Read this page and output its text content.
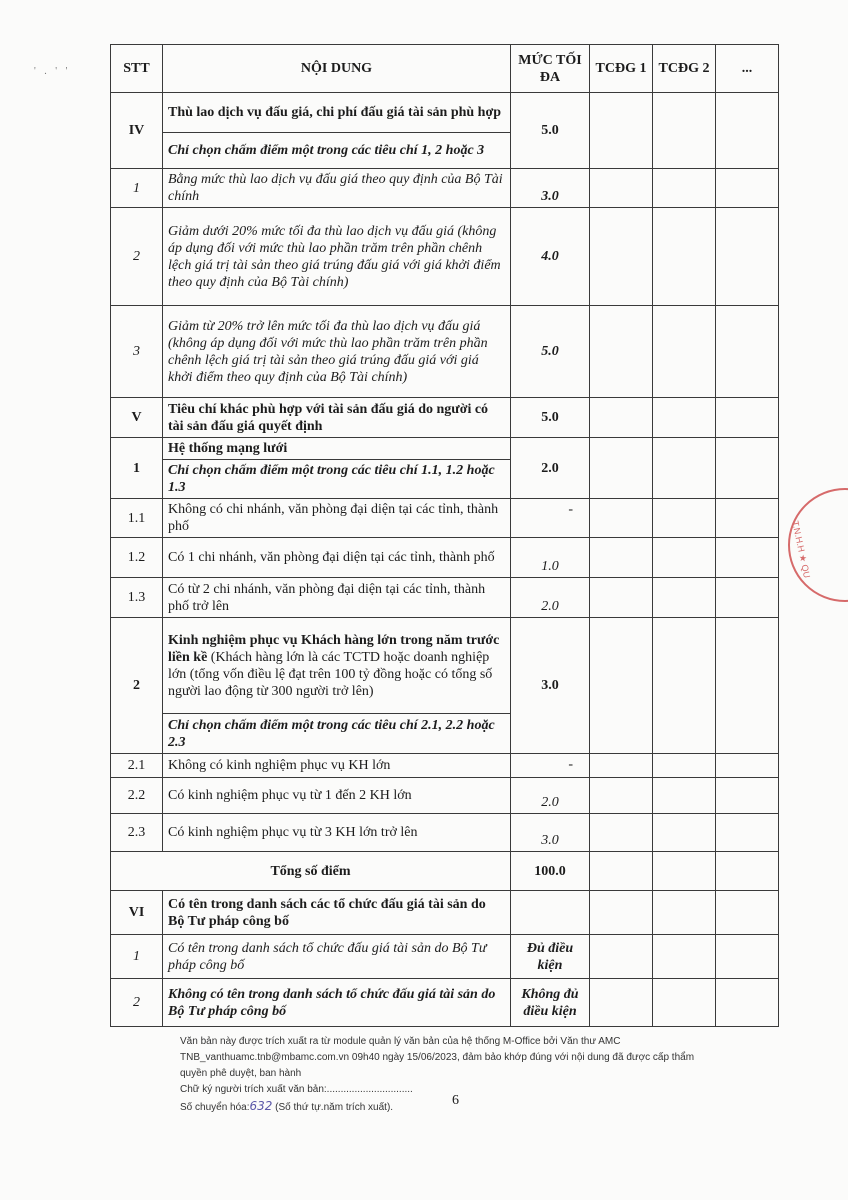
' . ' '	STT	NỘI DUNG	MỨC TỐI ĐA	TCĐG 1	TCĐG 2	...
IV	Thù lao dịch vụ đấu giá, chi phí đấu giá tài sản phù hợp	5.0			
	Chỉ chọn chấm điểm một trong các tiêu chí 1, 2 hoặc 3				
1	Bằng mức thù lao dịch vụ đấu giá theo quy định của Bộ Tài chính	3.0			
2	Giảm dưới 20% mức tối đa thù lao dịch vụ đấu giá (không áp dụng đối với mức thù lao phần trăm trên phần chênh lệch giá trị tài sản theo giá trúng đấu giá với giá khởi điểm theo quy định của Bộ Tài chính)	4.0			
3	Giảm từ 20% trở lên mức tối đa thù lao dịch vụ đấu giá (không áp dụng đối với mức thù lao phần trăm trên phần chênh lệch giá trị tài sản theo giá trúng đấu giá với giá khởi điểm theo quy định của Bộ Tài chính)	5.0			
V	Tiêu chí khác phù hợp với tài sản đấu giá do người có tài sản đấu giá quyết định	5.0			
1	Hệ thống mạng lưới	2.0			
	Chỉ chọn chấm điểm một trong các tiêu chí 1.1, 1.2 hoặc 1.3				
1.1	Không có chi nhánh, văn phòng đại diện tại các tỉnh, thành phố	-			
1.2	Có 1 chi nhánh, văn phòng đại diện tại các tỉnh, thành phố	1.0			
1.3	Có từ 2 chi nhánh, văn phòng đại diện tại các tỉnh, thành phố trở lên	2.0			
2	Kinh nghiệm phục vụ Khách hàng lớn trong năm trước liền kề (Khách hàng lớn là các TCTD hoặc doanh nghiệp lớn (tổng vốn điều lệ đạt trên 100 tỷ đồng hoặc có tổng số người lao động từ 300 người trở lên)	3.0			
	Chỉ chọn chấm điểm một trong các tiêu chí 2.1, 2.2 hoặc 2.3				
2.1	Không có kinh nghiệm phục vụ KH lớn	-			
2.2	Có kinh nghiệm phục vụ từ 1 đến 2 KH lớn	2.0			
2.3	Có kinh nghiệm phục vụ từ 3 KH lớn trở lên	3.0			
Tổng số điểm		100.0			
VI	Có tên trong danh sách các tổ chức đấu giá tài sản do Bộ Tư pháp công bố				
1	Có tên trong danh sách tổ chức đấu giá tài sản do Bộ Tư pháp công bố	Đủ điều kiện			
2	Không có tên trong danh sách tổ chức đấu giá tài sản do Bộ Tư pháp công bố	Không đủ điều kiện			
T.N.H.H ★ QU
Văn bản này được trích xuất ra từ module quản lý văn bản của hệ thống M-Office bởi Văn thư AMC
TNB_vanthuamc.tnb@mbamc.com.vn 09h40 ngày 15/06/2023, đảm bảo khớp đúng với nội dung đã được cấp thẩm quyền phê duyệt, ban hành
Chữ ký người trích xuất văn bản:...............................
Số chuyển hóa:632 (Số thứ tự.năm trích xuất).	6
